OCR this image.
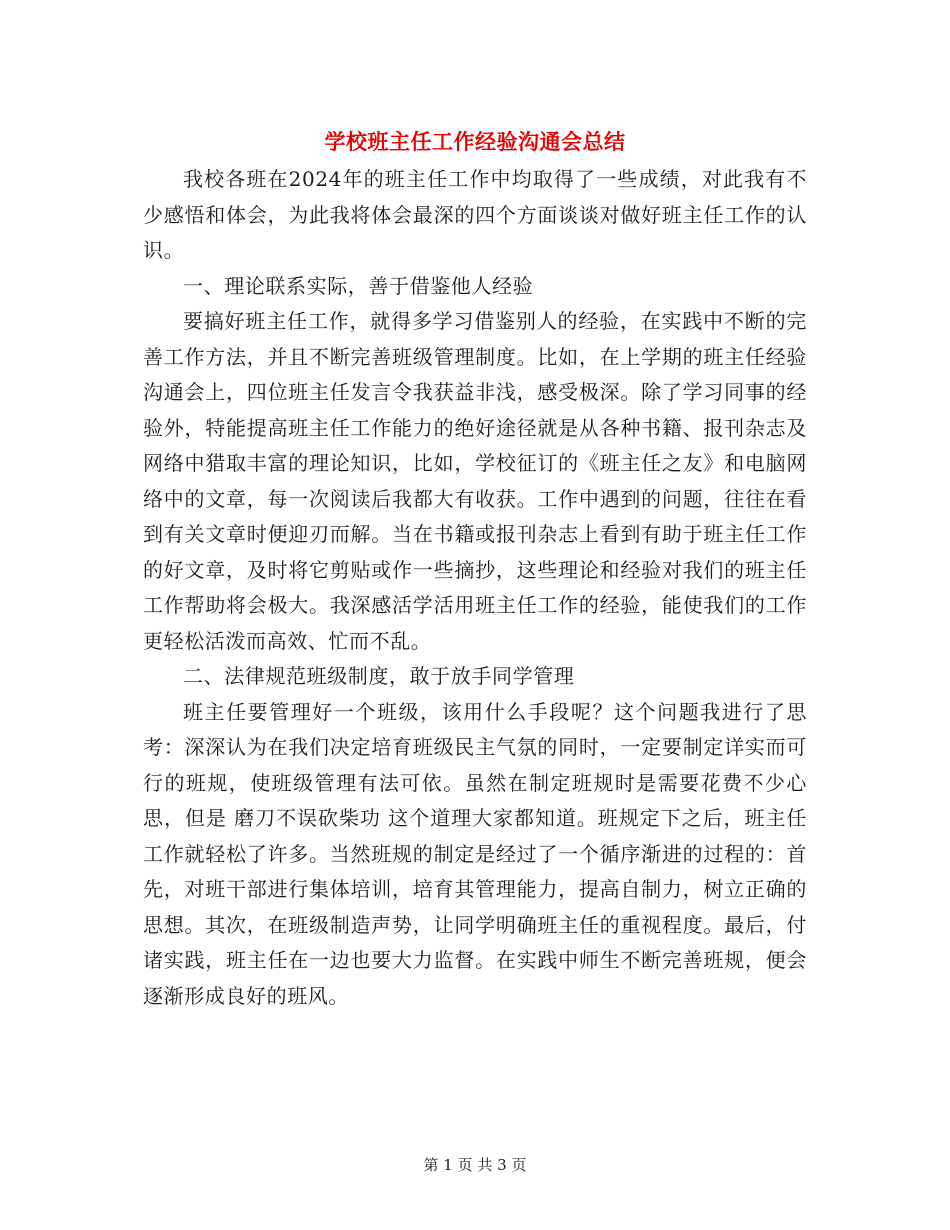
学校班主任工作经验沟通会总结

我校各班在2024年的班主任工作中均取得了一些成绩，对此我有不少感悟和体会，为此我将体会最深的四个方面谈谈对做好班主任工作的认识。

一、理论联系实际，善于借鉴他人经验

要搞好班主任工作，就得多学习借鉴别人的经验，在实践中不断的完善工作方法，并且不断完善班级管理制度。比如，在上学期的班主任经验沟通会上，四位班主任发言令我获益非浅，感受极深。除了学习同事的经验外，特能提高班主任工作能力的绝好途径就是从各种书籍、报刊杂志及网络中猎取丰富的理论知识，比如，学校征订的《班主任之友》和电脑网络中的文章，每一次阅读后我都大有收获。工作中遇到的问题，往往在看到有关文章时便迎刃而解。当在书籍或报刊杂志上看到有助于班主任工作的好文章，及时将它剪贴或作一些摘抄，这些理论和经验对我们的班主任工作帮助将会极大。我深感活学活用班主任工作的经验，能使我们的工作更轻松活泼而高效、忙而不乱。

二、法律规范班级制度，敢于放手同学管理

班主任要管理好一个班级，该用什么手段呢？这个问题我进行了思考：深深认为在我们决定培育班级民主气氛的同时，一定要制定详实而可行的班规，使班级管理有法可依。虽然在制定班规时是需要花费不少心思，但是 磨刀不误砍柴功 这个道理大家都知道。班规定下之后，班主任工作就轻松了许多。当然班规的制定是经过了一个循序渐进的过程的：首先，对班干部进行集体培训，培育其管理能力，提高自制力，树立正确的思想。其次，在班级制造声势，让同学明确班主任的重视程度。最后，付诸实践，班主任在一边也要大力监督。在实践中师生不断完善班规，便会逐渐形成良好的班风。

第 1 页 共 3 页
